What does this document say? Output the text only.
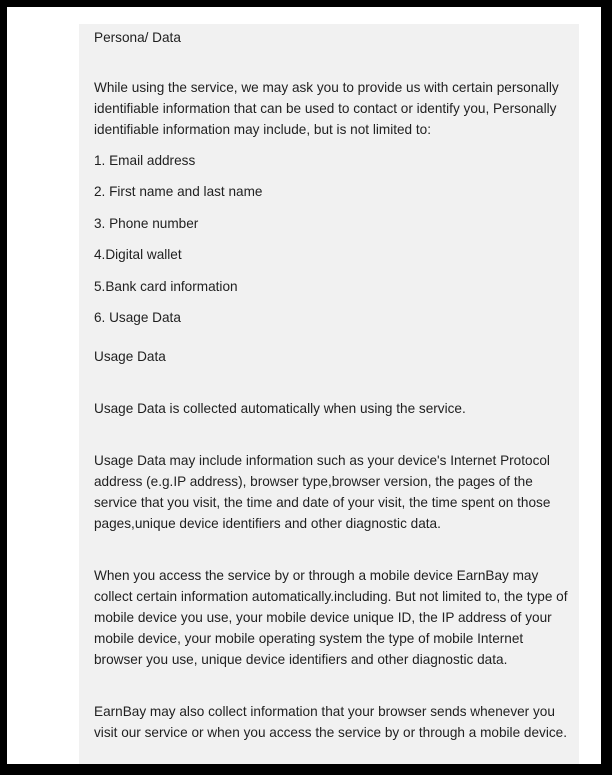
Persona/ Data

While using the service, we may ask you to provide us with certain personally identifiable information that can be used to contact or identify you, Personally identifiable information may include, but is not limited to:

1. Email address
2. First name and last name
3. Phone number
4.Digital wallet
5.Bank card information
6. Usage Data

Usage Data

Usage Data is collected automatically when using the service.

Usage Data may include information such as your device's Internet Protocol address (e.g.IP address), browser type,browser version, the pages of the service that you visit, the time and date of your visit, the time spent on those pages,unique device identifiers and other diagnostic data.

When you access the service by or through a mobile device EarnBay may collect certain information automatically.including. But not limited to, the type of mobile device you use, your mobile device unique ID, the IP address of your mobile device, your mobile operating system the type of mobile Internet browser you use, unique device identifiers and other diagnostic data.

EarnBay may also collect information that your browser sends whenever you visit our service or when you access the service by or through a mobile device.
